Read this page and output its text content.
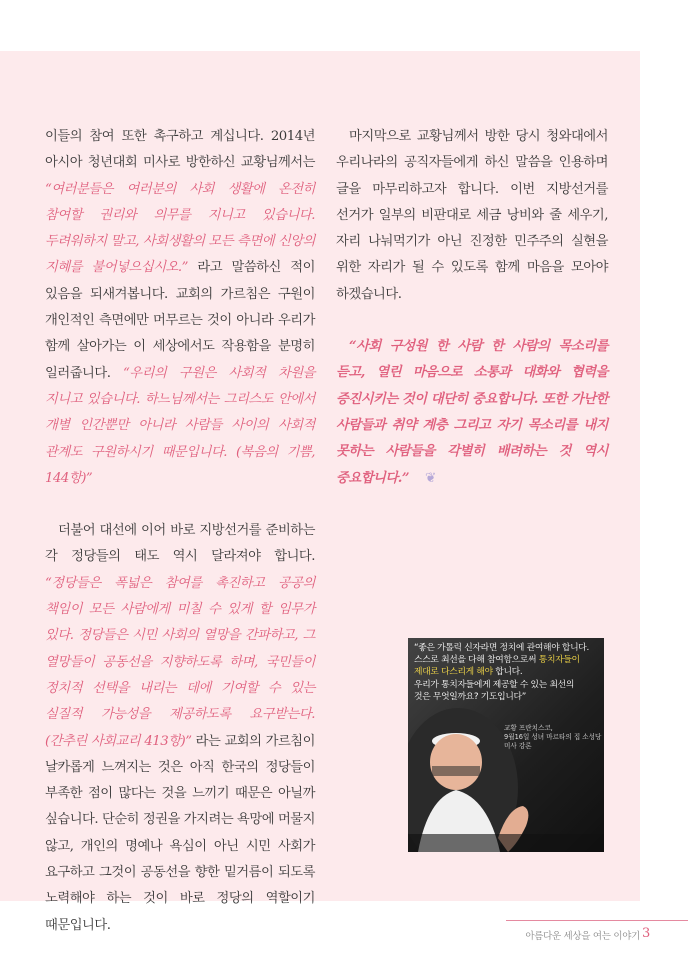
이들의 참여 또한 촉구하고 계십니다. 2014년 아시아 청년대회 미사로 방한하신 교황님께서는 “여러분들은 여러분의 사회 생활에 온전히 참여할 권리와 의무를 지니고 있습니다. 두려워하지 말고, 사회생활의 모든 측면에 신앙의 지혜를 불어넣으십시오.” 라고 말씀하신 적이 있음을 되새겨봅니다. 교회의 가르침은 구원이 개인적인 측면에만 머무르는 것이 아니라 우리가 함께 살아가는 이 세상에서도 작용함을 분명히 일러줍니다. “우리의 구원은 사회적 차원을 지니고 있습니다. 하느님께서는 그리스도 안에서 개별 인간뿐만 아니라 사람들 사이의 사회적 관계도 구원하시기 때문입니다. (복음의 기쁨, 144항)”

더불어 대선에 이어 바로 지방선거를 준비하는 각 정당들의 태도 역시 달라져야 합니다. “정당들은 폭넓은 참여를 촉진하고 공공의 책임이 모든 사람에게 미칠 수 있게 할 임무가 있다. 정당들은 시민 사회의 열망을 간파하고, 그 열망들이 공동선을 지향하도록 하며, 국민들이 정치적 선택을 내리는 데에 기여할 수 있는 실질적 가능성을 제공하도록 요구받는다. (간추린 사회교리 413항)” 라는 교회의 가르침이 날카롭게 느껴지는 것은 아직 한국의 정당들이 부족한 점이 많다는 것을 느끼기 때문은 아닐까 싶습니다. 단순히 정권을 가지려는 욕망에 머물지 않고, 개인의 명예나 욕심이 아닌 시민 사회가 요구하고 그것이 공동선을 향한 밑거름이 되도록 노력해야 하는 것이 바로 정당의 역할이기 때문입니다.

마지막으로 교황님께서 방한 당시 청와대에서 우리나라의 공직자들에게 하신 말씀을 인용하며 글을 마무리하고자 합니다. 이번 지방선거를 선거가 일부의 비판대로 세금 낭비와 줄 세우기, 자리 나눠먹기가 아닌 진정한 민주주의 실현을 위한 자리가 될 수 있도록 함께 마음을 모아야 하겠습니다.

“사회 구성원 한 사람 한 사람의 목소리를 듣고, 열린 마음으로 소통과 대화와 협력을 증진시키는 것이 대단히 중요합니다. 또한 가난한 사람들과 취약 계층 그리고 자기 목소리를 내지 못하는 사람들을 각별히 배려하는 것 역시 중요합니다.” ❦

“좋은 가톨릭 신자라면 정치에 관여해야 합니다.
스스로 최선을 다해 참여함으로써 통치자들이
제대로 다스리게 해야 합니다.
우리가 통치자들에게 제공할 수 있는 최선의
것은 무엇일까요? 기도입니다”
교황 프란치스코,
9월16일 성녀 마르타의 집 소성당
미사 강론
아름다운 세상을 여는 이야기 3
